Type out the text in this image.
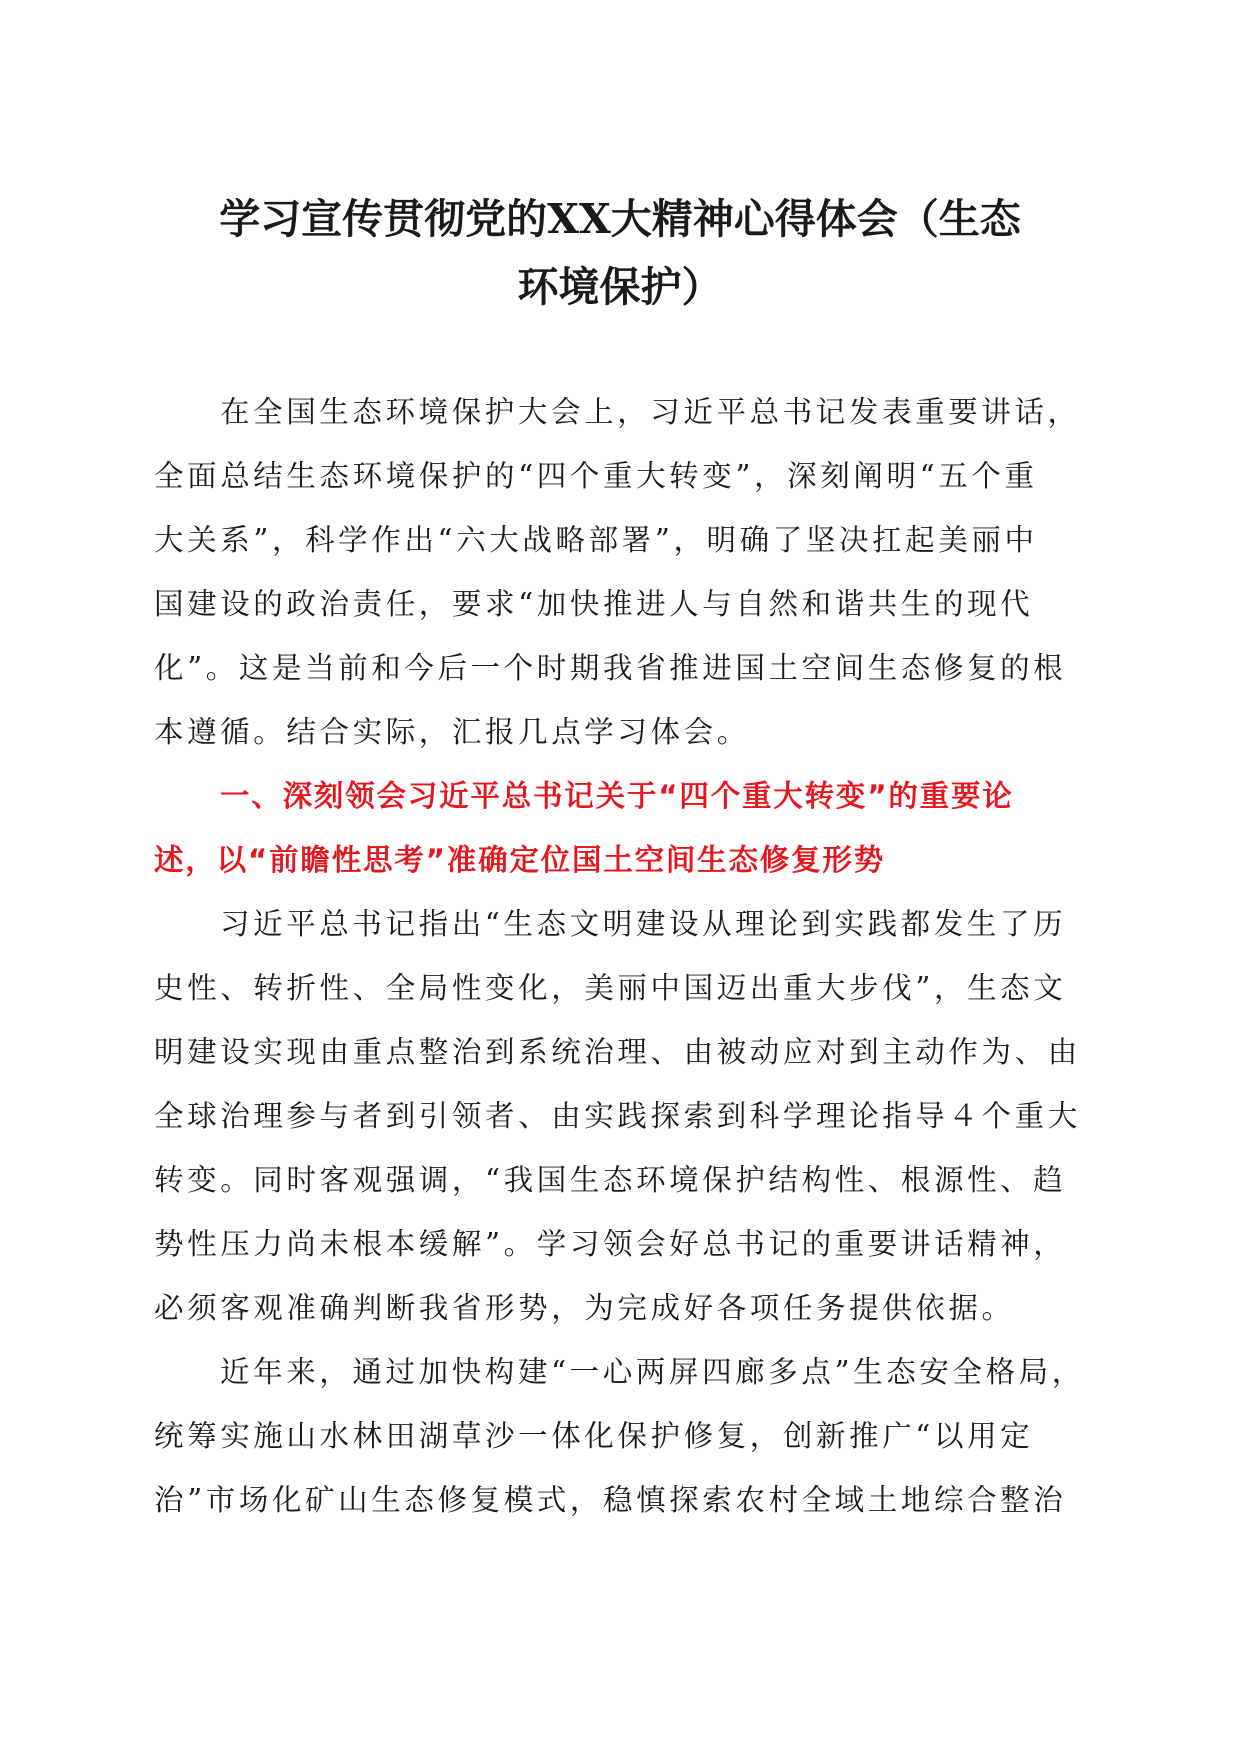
学习宣传贯彻党的XX大精神心得体会（生态
环境保护）
在全国生态环境保护大会上，习近平总书记发表重要讲话，
全面总结生态环境保护的“四个重大转变”，深刻阐明“五个重
大关系”，科学作出“六大战略部署”，明确了坚决扛起美丽中
国建设的政治责任，要求“加快推进人与自然和谐共生的现代
化”。这是当前和今后一个时期我省推进国土空间生态修复的根
本遵循。结合实际，汇报几点学习体会。
一、深刻领会习近平总书记关于“四个重大转变”的重要论
述，以“前瞻性思考”准确定位国土空间生态修复形势
习近平总书记指出“生态文明建设从理论到实践都发生了历
史性、转折性、全局性变化，美丽中国迈出重大步伐”，生态文
明建设实现由重点整治到系统治理、由被动应对到主动作为、由
全球治理参与者到引领者、由实践探索到科学理论指导４个重大
转变。同时客观强调，“我国生态环境保护结构性、根源性、趋
势性压力尚未根本缓解”。学习领会好总书记的重要讲话精神，
必须客观准确判断我省形势，为完成好各项任务提供依据。
近年来，通过加快构建“一心两屏四廊多点”生态安全格局，
统筹实施山水林田湖草沙一体化保护修复，创新推广“以用定
治”市场化矿山生态修复模式，稳慎探索农村全域土地综合整治
